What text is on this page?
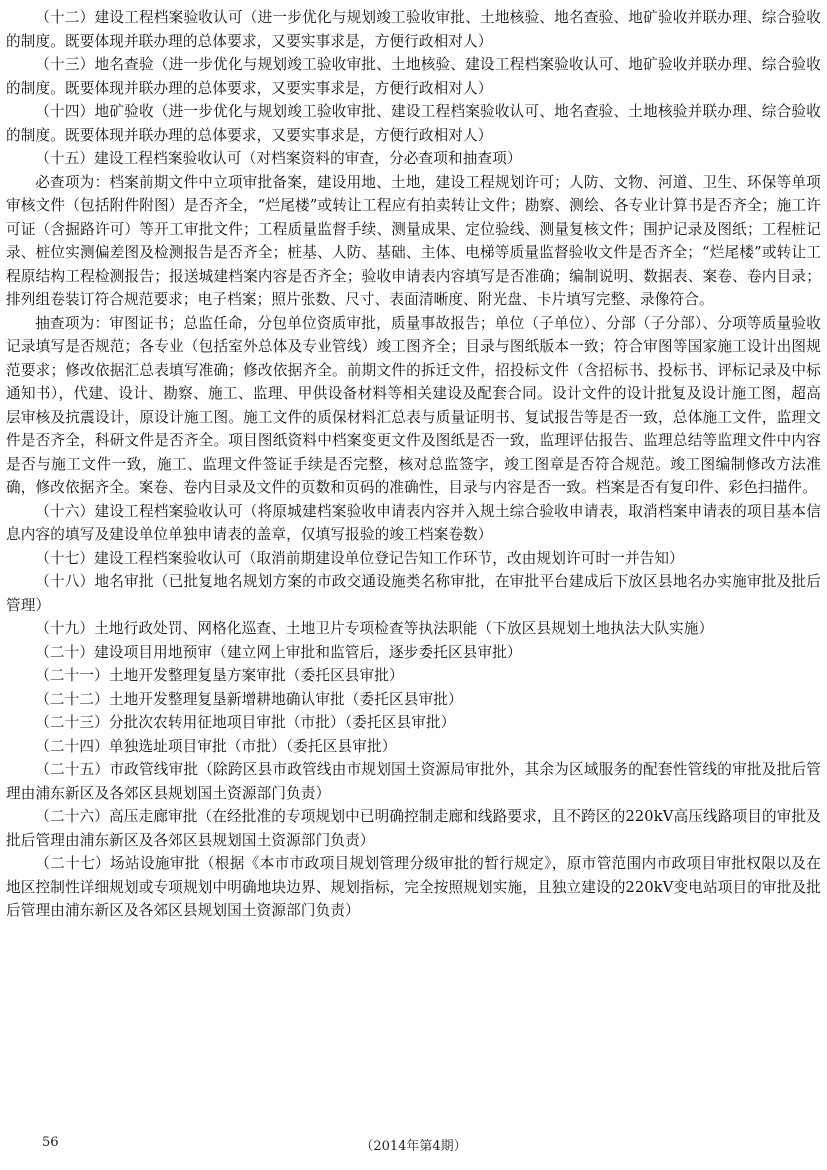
（十二）建设工程档案验收认可（进一步优化与规划竣工验收审批、土地核验、地名查验、地矿验收并联办理、综合验收的制度。既要体现并联办理的总体要求，又要实事求是，方便行政相对人）

（十三）地名查验（进一步优化与规划竣工验收审批、土地核验、建设工程档案验收认可、地矿验收并联办理、综合验收的制度。既要体现并联办理的总体要求，又要实事求是，方便行政相对人）

（十四）地矿验收（进一步优化与规划竣工验收审批、建设工程档案验收认可、地名查验、土地核验并联办理、综合验收的制度。既要体现并联办理的总体要求，又要实事求是，方便行政相对人）

（十五）建设工程档案验收认可（对档案资料的审查，分必查项和抽查项）

必查项为：档案前期文件中立项审批备案，建设用地、土地，建设工程规划许可；人防、文物、河道、卫生、环保等单项审核文件（包括附件附图）是否齐全，“烂尾楼”或转让工程应有拍卖转让文件；勘察、测绘、各专业计算书是否齐全；施工许可证（含掘路许可）等开工审批文件；工程质量监督手续、测量成果、定位验线、测量复核文件；围护记录及图纸；工程桩记录、桩位实测偏差图及检测报告是否齐全；桩基、人防、基础、主体、电梯等质量监督验收文件是否齐全；“烂尾楼”或转让工程原结构工程检测报告；报送城建档案内容是否齐全；验收申请表内容填写是否准确；编制说明、数据表、案卷、卷内目录；排列组卷装订符合规范要求；电子档案；照片张数、尺寸、表面清晰度、附光盘、卡片填写完整、录像符合。

抽查项为：审图证书；总监任命，分包单位资质审批，质量事故报告；单位（子单位）、分部（子分部）、分项等质量验收记录填写是否规范；各专业（包括室外总体及专业管线）竣工图齐全；目录与图纸版本一致；符合审图等国家施工设计出图规范要求；修改依据汇总表填写准确；修改依据齐全。前期文件的拆迁文件，招投标文件（含招标书、投标书、评标记录及中标通知书），代建、设计、勘察、施工、监理、甲供设备材料等相关建设及配套合同。设计文件的设计批复及设计施工图，超高层审核及抗震设计，原设计施工图。施工文件的质保材料汇总表与质量证明书、复试报告等是否一致，总体施工文件，监理文件是否齐全，科研文件是否齐全。项目图纸资料中档案变更文件及图纸是否一致，监理评估报告、监理总结等监理文件中内容是否与施工文件一致，施工、监理文件签证手续是否完整，核对总监签字，竣工图章是否符合规范。竣工图编制修改方法准确，修改依据齐全。案卷、卷内目录及文件的页数和页码的准确性，目录与内容是否一致。档案是否有复印件、彩色扫描件。

（十六）建设工程档案验收认可（将原城建档案验收申请表内容并入规土综合验收申请表，取消档案申请表的项目基本信息内容的填写及建设单位单独申请表的盖章，仅填写报验的竣工档案卷数）

（十七）建设工程档案验收认可（取消前期建设单位登记告知工作环节，改由规划许可时一并告知）

（十八）地名审批（已批复地名规划方案的市政交通设施类名称审批，在审批平台建成后下放区县地名办实施审批及批后管理）

（十九）土地行政处罚、网格化巡查、土地卫片专项检查等执法职能（下放区县规划土地执法大队实施）

（二十）建设项目用地预审（建立网上审批和监管后，逐步委托区县审批）

（二十一）土地开发整理复垦方案审批（委托区县审批）

（二十二）土地开发整理复垦新增耕地确认审批（委托区县审批）

（二十三）分批次农转用征地项目审批（市批）（委托区县审批）

（二十四）单独选址项目审批（市批）（委托区县审批）

（二十五）市政管线审批（除跨区县市政管线由市规划国土资源局审批外，其余为区域服务的配套性管线的审批及批后管理由浦东新区及各郊区县规划国土资源部门负责）

（二十六）高压走廊审批（在经批准的专项规划中已明确控制走廊和线路要求，且不跨区的220kV高压线路项目的审批及批后管理由浦东新区及各郊区县规划国土资源部门负责）

（二十七）场站设施审批（根据《本市市政项目规划管理分级审批的暂行规定》，原市管范围内市政项目审批权限以及在地区控制性详细规划或专项规划中明确地块边界、规划指标，完全按照规划实施，且独立建设的220kV变电站项目的审批及批后管理由浦东新区及各郊区县规划国土资源部门负责）

56	（2014年第4期）
